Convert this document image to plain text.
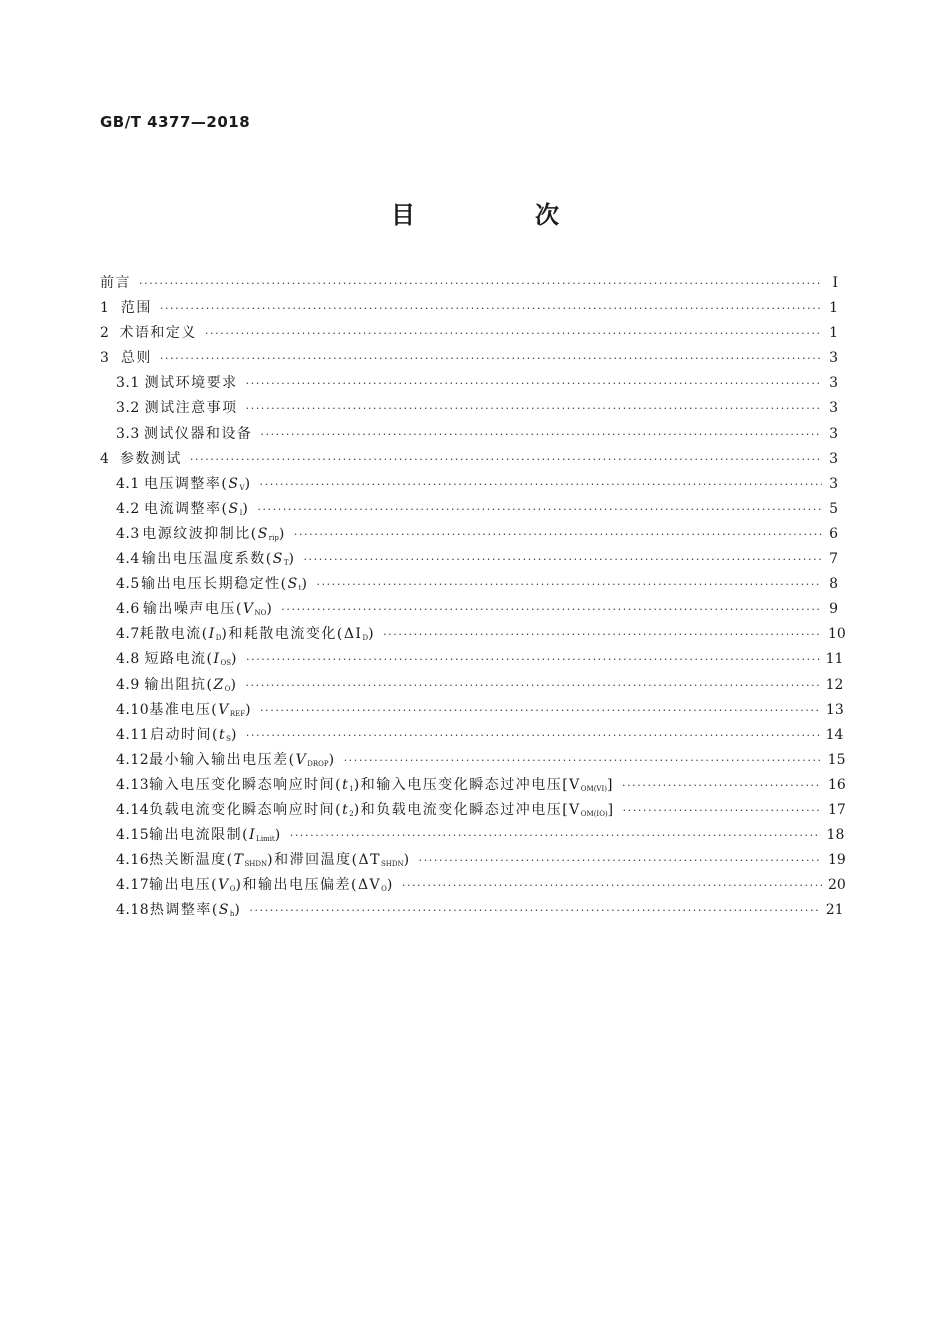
GB/T 4377—2018
目　次
前言 ·····	Ⅰ
1 范围 ·····	1
2 术语和定义 ·····	1
3 总则 ·····	3
3.1 测试环境要求 ·····	3
3.2 测试注意事项 ·····	3
3.3 测试仪器和设备 ·····	3
4 参数测试 ·····	3
4.1 电压调整率$(S_V)$ ·····	3
4.2 电流调整率$(S_I)$ ·····	5
4.3 电源纹波抑制比$(S_{rip})$ ·····	6
4.4 输出电压温度系数$(S_T)$ ·····	7
4.5 输出电压长期稳定性$(S_t)$ ·····	8
4.6 输出噪声电压$(V_{NO})$ ·····	9
4.7 耗散电流$(I_D)$和耗散电流变化$(\Delta I_D)$ ·····	10
4.8 短路电流$(I_{OS})$ ·····	11
4.9 输出阻抗$(Z_O)$ ·····	12
4.10 基准电压$(V_{REF})$ ·····	13
4.11 启动时间$(t_S)$ ·····	14
4.12 最小输入输出电压差$(V_{DROP})$ ·····	15
4.13 输入电压变化瞬态响应时间$(t_1)$和输入电压变化瞬态过冲电压$[V_{OM(VI)}]$ ·····	16
4.14 负载电流变化瞬态响应时间$(t_2)$和负载电流变化瞬态过冲电压$[V_{OM(IO)}]$ ·····	17
4.15 输出电流限制$(I_{Limit})$ ·····	18
4.16 热关断温度$(T_{SHDN})$和滞回温度$(\Delta T_{SHDN})$ ·····	19
4.17 输出电压$(V_O)$和输出电压偏差$(\Delta V_O)$ ·····	20
4.18 热调整率$(S_h)$ ·····	21
